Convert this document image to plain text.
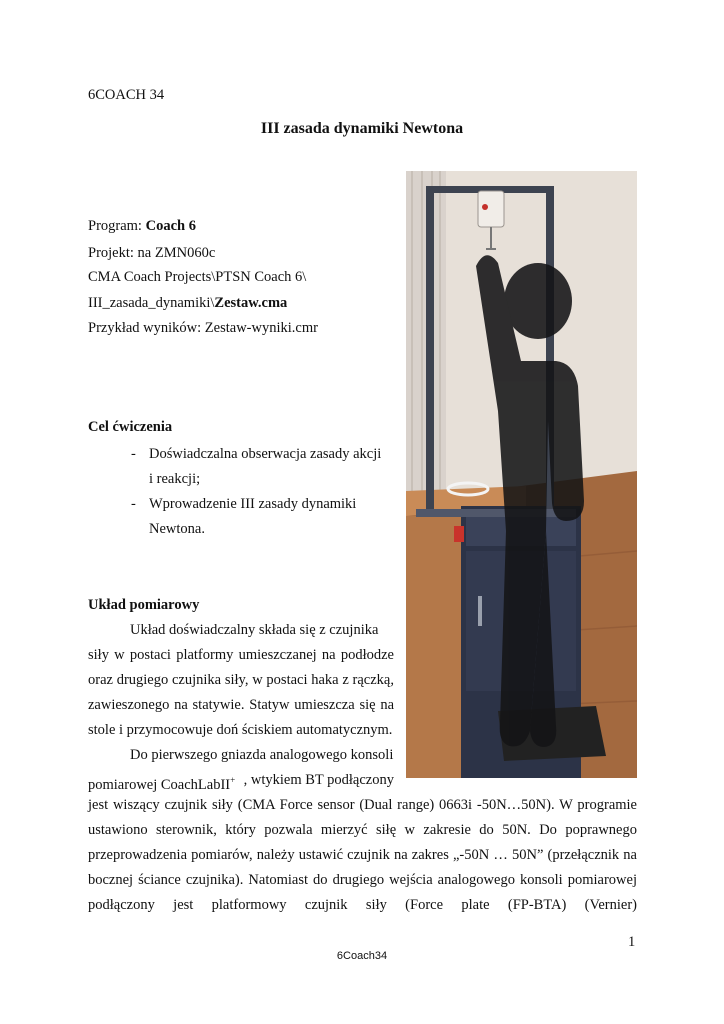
6COACH 34
III zasada dynamiki Newtona
Program: Coach 6
Projekt: na ZMN060c
CMA Coach Projects\PTSN Coach 6\
III_zasada_dynamiki\Zestaw.cma
Przykład wyników: Zestaw-wyniki.cmr
Cel ćwiczenia
- Doświadczalna obserwacja zasady akcji
i reakcji;
- Wprowadzenie III zasady dynamiki
Newtona.
Układ pomiarowy
Układ doświadczalny składa się z czujnika
siły w postaci platformy umieszczanej na podłodze
oraz drugiego czujnika siły, w postaci haka z rączką,
zawieszonego na statywie. Statyw umieszcza się na
stole i przymocowuje doń ściskiem automatycznym.
Do pierwszego gniazda analogowego konsoli
pomiarowej CoachLabII+ , wtykiem BT podłączony
jest wiszący czujnik siły (CMA Force sensor (Dual range) 0663i -50N…50N). W programie
ustawiono sterownik, który pozwala mierzyć siłę w zakresie do 50N. Do poprawnego
przeprowadzenia pomiarów, należy ustawić czujnik na zakres „-50N … 50N” (przełącznik na
bocznej ściance czujnika). Natomiast do drugiego wejścia analogowego konsoli pomiarowej
podłączony jest platformowy czujnik siły (Force plate (FP-BTA) (Vernier)
1
6Coach34
